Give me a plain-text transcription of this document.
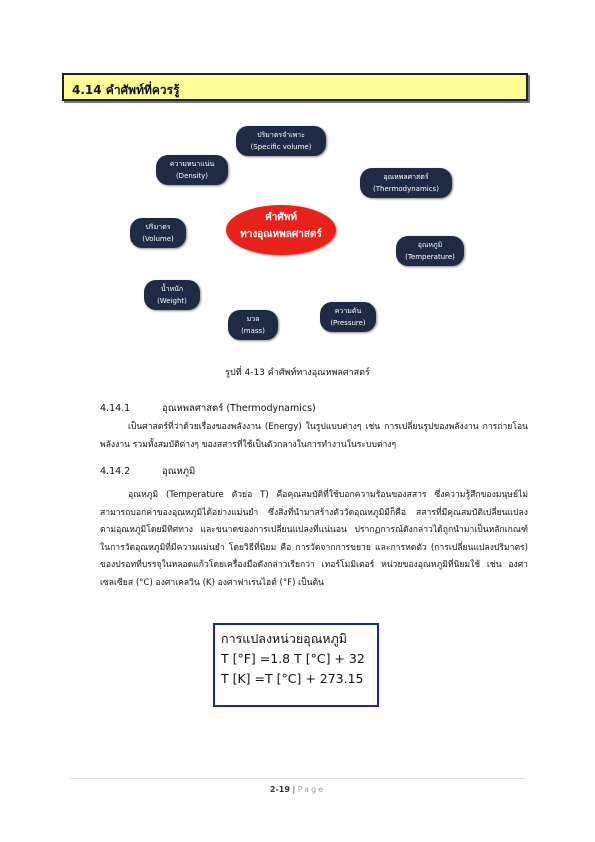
4.14 คำศัพท์ที่ควรรู้
ปริมาตรจำเพาะ
(Specific volume)
ความหนาแน่น
(Density)	อุณหพลศาสตร์
(Thermodynamics)
คำศัพท์
ทางอุณหพลศาสตร์
ปริมาตร
(Volume)
อุณหภูมิ
(Temperature)
น้ำหนัก
(Weight)
มวล
(mass)
ความดัน
(Pressure)
รูปที่ 4-13 คำศัพท์ทางอุณหพลศาสตร์
4.14.1	อุณหพลศาสตร์ (Thermodynamics)
เป็นศาสตร์ที่ว่าด้วยเรื่องของพลังงาน (Energy) ในรูปแบบต่างๆ เช่น การเปลี่ยนรูปของพลังงาน การถ่ายโอนพลังงาน รวมทั้งสมบัติต่างๆ ของสสารที่ใช้เป็นตัวกลางในการทำงานในระบบต่างๆ
4.14.2	อุณหภูมิ
อุณหภูมิ (Temperature ตัวย่อ T) คือคุณสมบัติที่ใช้บอกความร้อนของสสาร ซึ่งความรู้สึกของมนุษย์ไม่สามารถบอกค่าของอุณหภูมิได้อย่างแม่นยำ ซึ่งสิ่งที่นำมาสร้างตัววัดอุณหภูมิมีก็คือ สสารที่มีคุณสมบัติเปลี่ยนแปลงตามอุณหภูมิโดยมีทิศทาง และขนาดของการเปลี่ยนแปลงที่แน่นอน ปรากฏการณ์ดังกล่าวได้ถูกนำมาเป็นหลักเกณฑ์ในการวัดอุณหภูมิที่มีความแม่นยำ โดยวิธีที่นิยม คือ การวัดจากการขยาย และการหดตัว (การเปลี่ยนแปลงปริมาตร) ของปรอทที่บรรจุในหลอดแก้วโดยเครื่องมือดังกล่าวเรียกว่า เทอร์โมมิเตอร์ หน่วยของอุณหภูมิที่นิยมใช้ เช่น องศาเซลเซียส (°C) องศาเคลวิน (K) องศาฟาเรนไฮต์ (°F) เป็นต้น
การแปลงหน่วยอุณหภูมิ
T [°F] =1.8 T [°C] + 32
T [K] =T [°C] + 273.15
2-19 | Page
